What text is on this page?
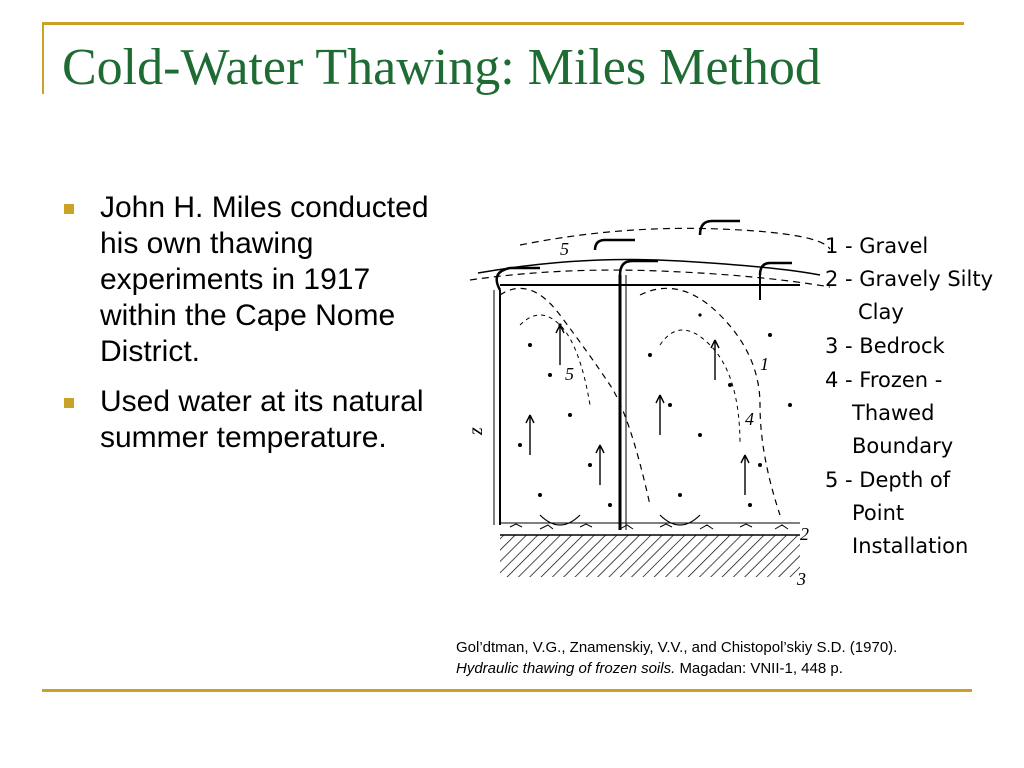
Cold-Water Thawing: Miles Method
John H. Miles conducted his own thawing experiments in 1917 within the Cape Nome District.
Used water at its natural summer temperature.	z
5
5	1
4
2
3
1 - Gravel
2 - Gravely Silty
Clay
3 - Bedrock
4 - Frozen -
Thawed
Boundary
5 - Depth of
Point
Installation
Gol’dtman, V.G., Znamenskiy, V.V., and Chistopol’skiy S.D. (1970).
Hydraulic thawing of frozen soils. Magadan: VNII-1, 448 p.
